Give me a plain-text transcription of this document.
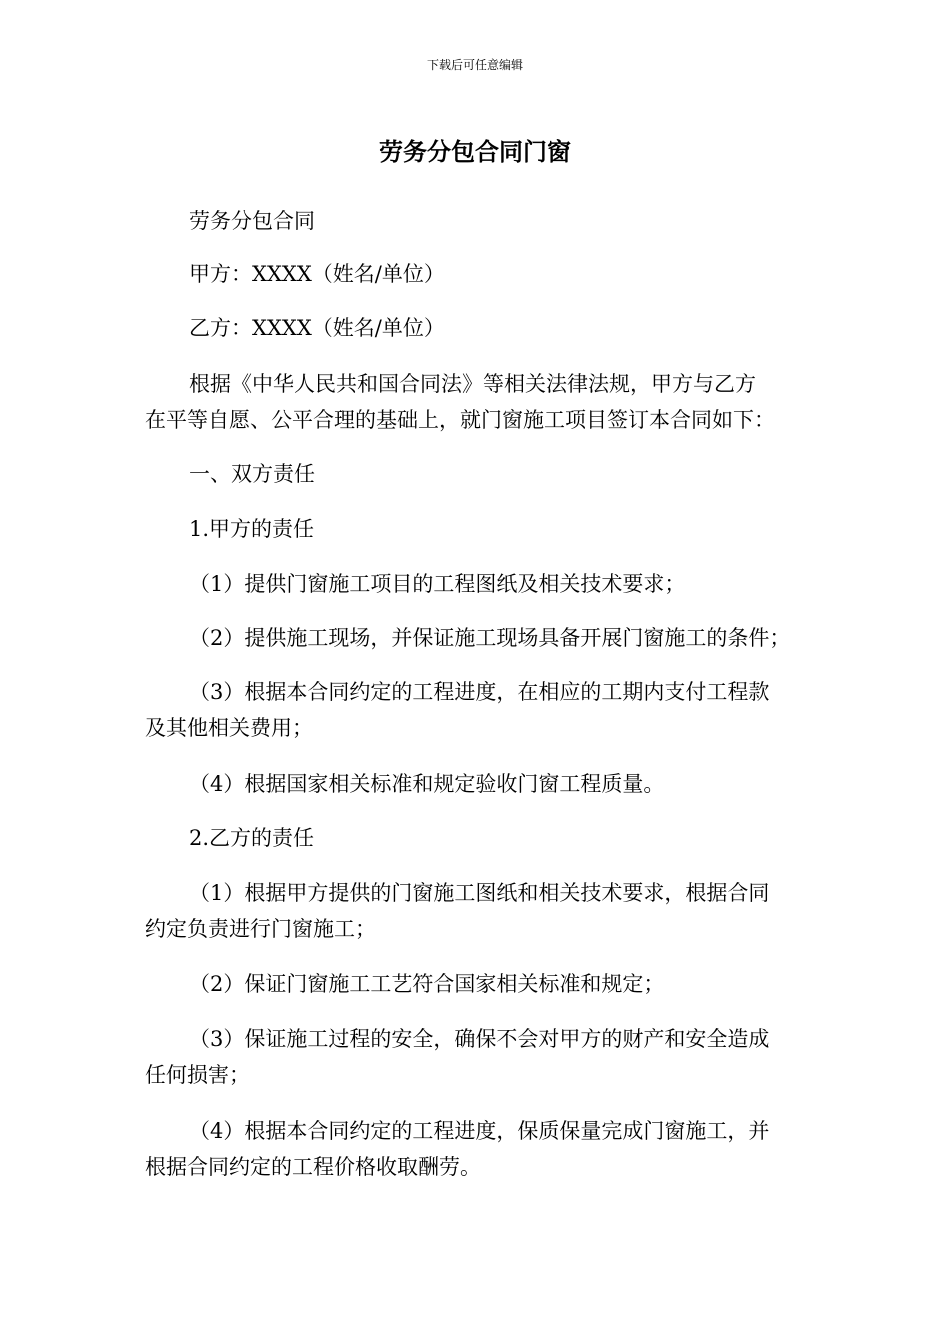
下载后可任意编辑
劳务分包合同门窗
劳务分包合同
甲方：XXXX（姓名/单位）
乙方：XXXX（姓名/单位）
根据《中华人民共和国合同法》等相关法律法规，甲方与乙方
在平等自愿、公平合理的基础上，就门窗施工项目签订本合同如下：
一、双方责任
1.甲方的责任
（1）提供门窗施工项目的工程图纸及相关技术要求；
（2）提供施工现场，并保证施工现场具备开展门窗施工的条件；
（3）根据本合同约定的工程进度，在相应的工期内支付工程款
及其他相关费用；
（4）根据国家相关标准和规定验收门窗工程质量。
2.乙方的责任
（1）根据甲方提供的门窗施工图纸和相关技术要求，根据合同
约定负责进行门窗施工；
（2）保证门窗施工工艺符合国家相关标准和规定；
（3）保证施工过程的安全，确保不会对甲方的财产和安全造成
任何损害；
（4）根据本合同约定的工程进度，保质保量完成门窗施工，并
根据合同约定的工程价格收取酬劳。
